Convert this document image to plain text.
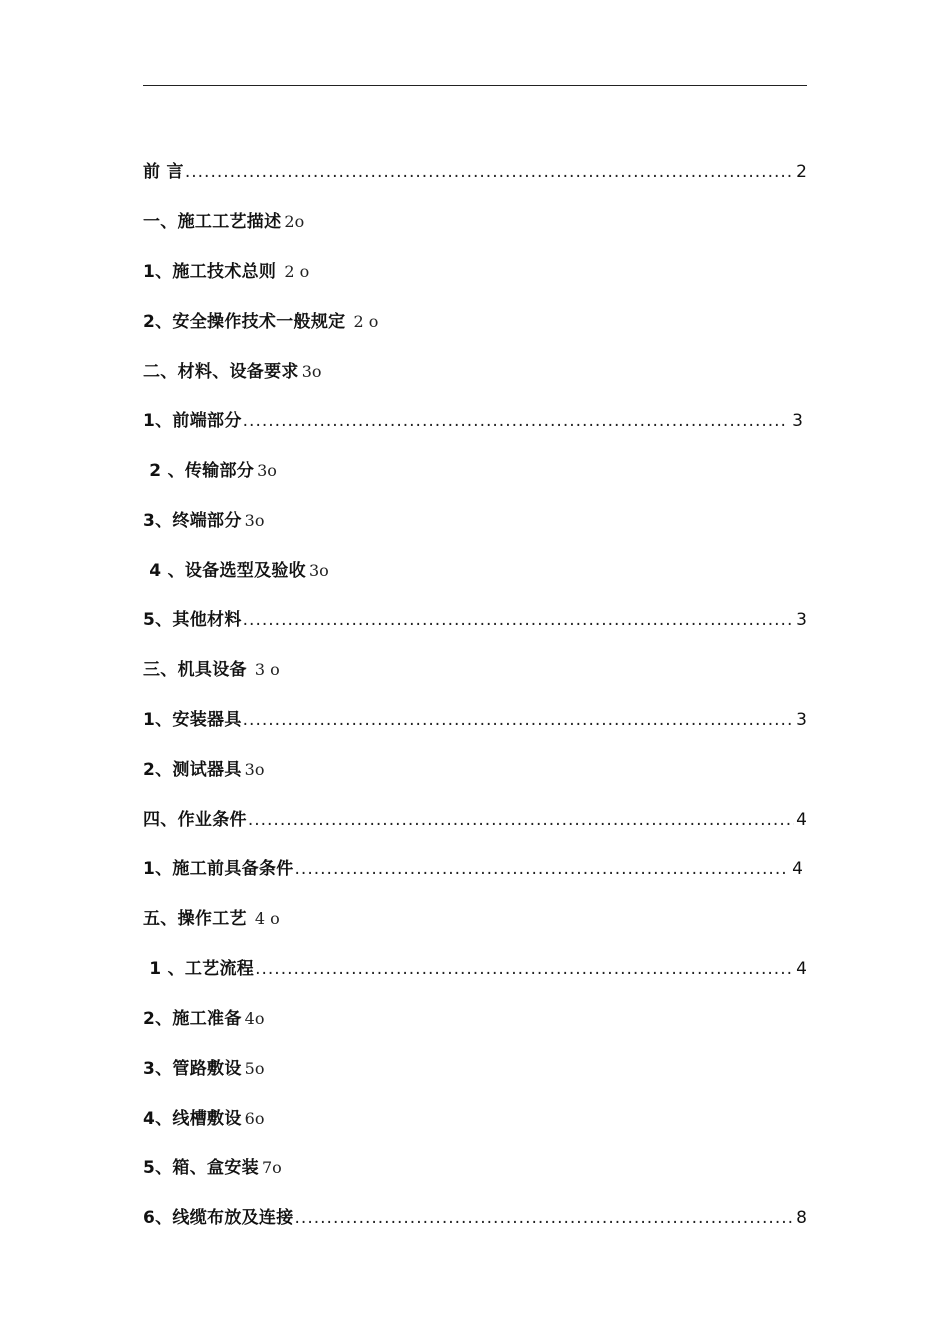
前 言 .....	2
一、施工工艺描述 2 o
1、施工技术总则 2 o
2、安全操作技术一般规定 2 o
二、材料、设备要求 3 o
1、前端部分 .....	3
2 、传输部分 3 o
3、终端部分 3 o
4 、设备选型及验收 3 o
5、其他材料 .....	3
三、机具设备 3 o
1、安装器具 .....	3
2、测试器具 3 o
四、作业条件 .....	4
1、施工前具备条件 .....	4
五、操作工艺 4 o
1 、工艺流程 .....	4
2、施工准备 4 o
3、管路敷设 5 o
4、线槽敷设 6 o
5、箱、盒安装 7 o
6、线缆布放及连接 .....	8
